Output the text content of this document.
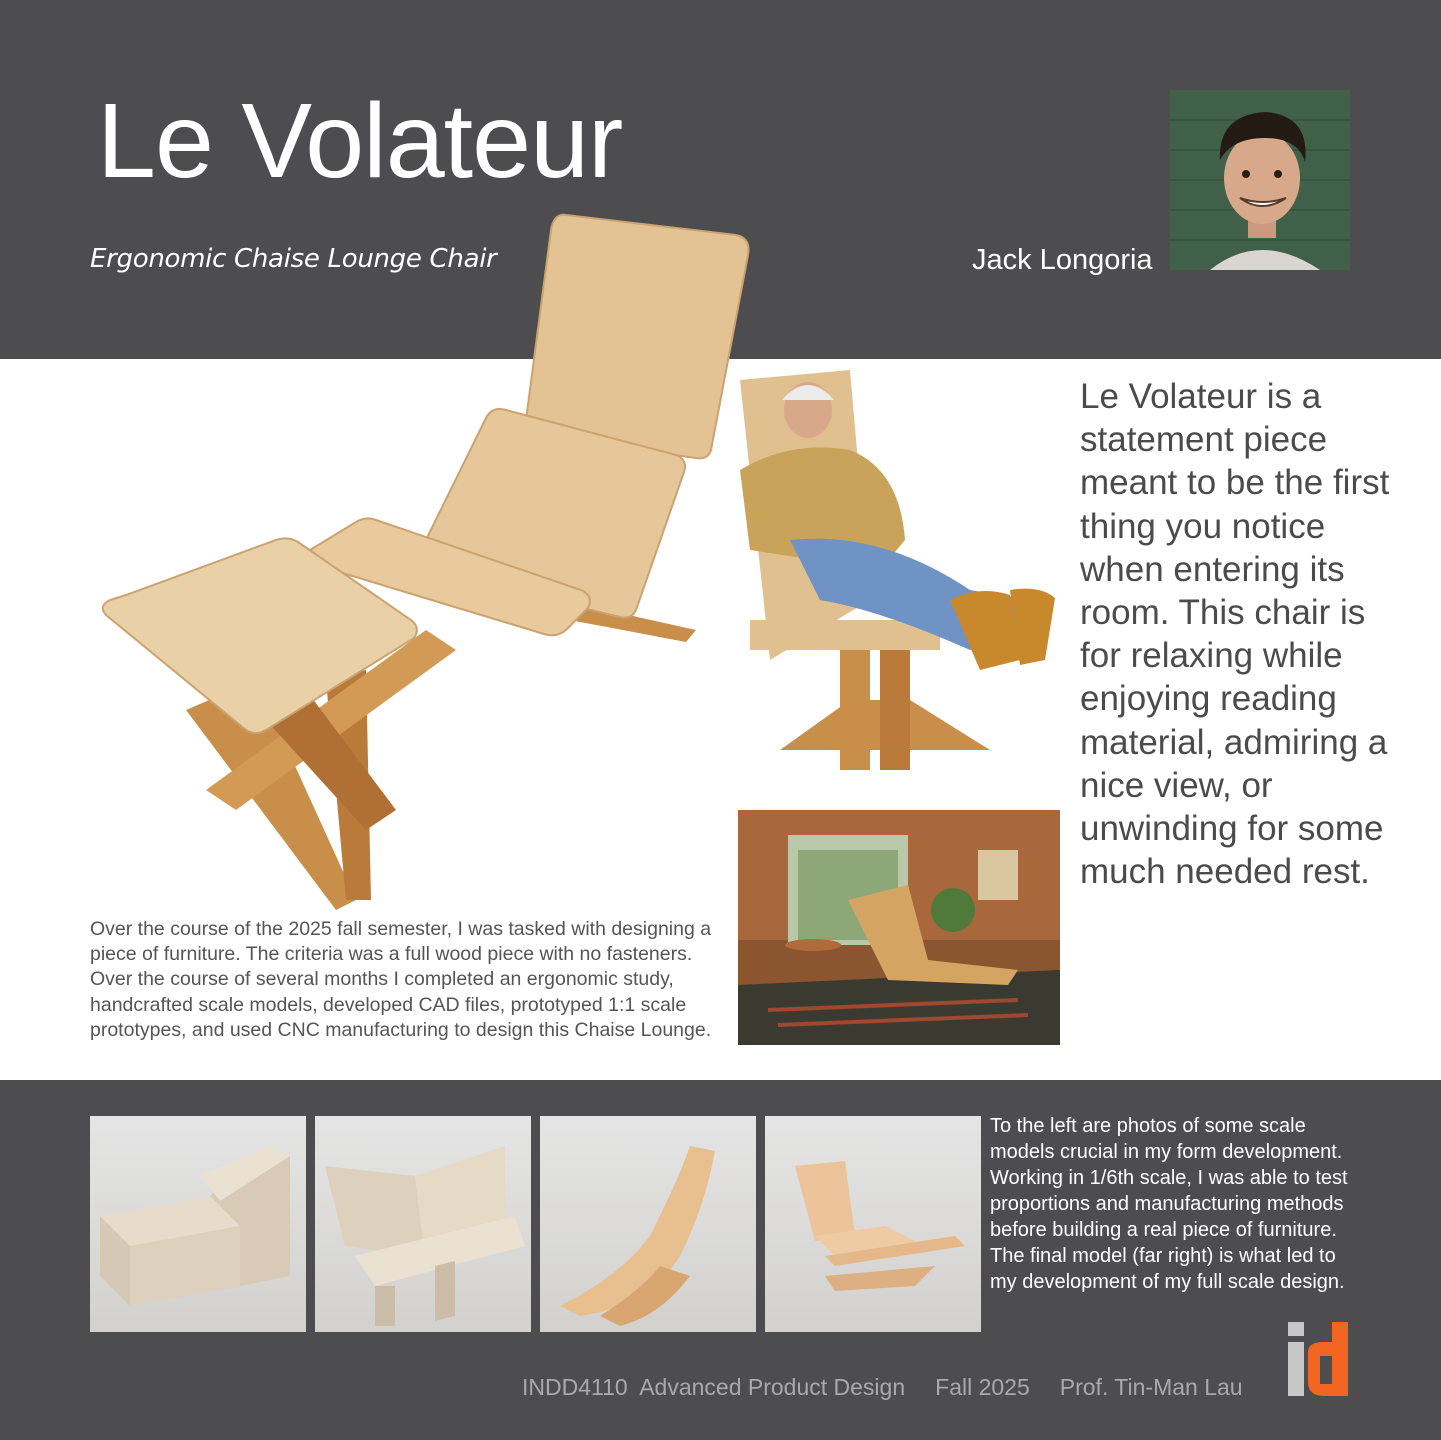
Le Volateur
Ergonomic Chaise Lounge Chair	Jack Longoria
Le Volateur is a statement piece meant to be the first thing you notice when entering its room. This chair is for relaxing while enjoying reading material, admiring a nice view, or unwinding for some much needed rest.
Over the course of the 2025 fall semester, I was tasked with designing a piece of furniture. The criteria was a full wood piece with no fasteners. Over the course of several months I completed an ergonomic study, handcrafted scale models, developed CAD files, prototyped 1:1 scale prototypes, and used CNC manufacturing to design this Chaise Lounge.
To the left are photos of some scale models crucial in my form development. Working in 1/6th scale, I was able to test proportions and manufacturing methods before building a real piece of furniture. The final model (far right) is what led to my development of my full scale design.
INDD4110  Advanced Product Design Fall 2025 Prof. Tin-Man Lau
